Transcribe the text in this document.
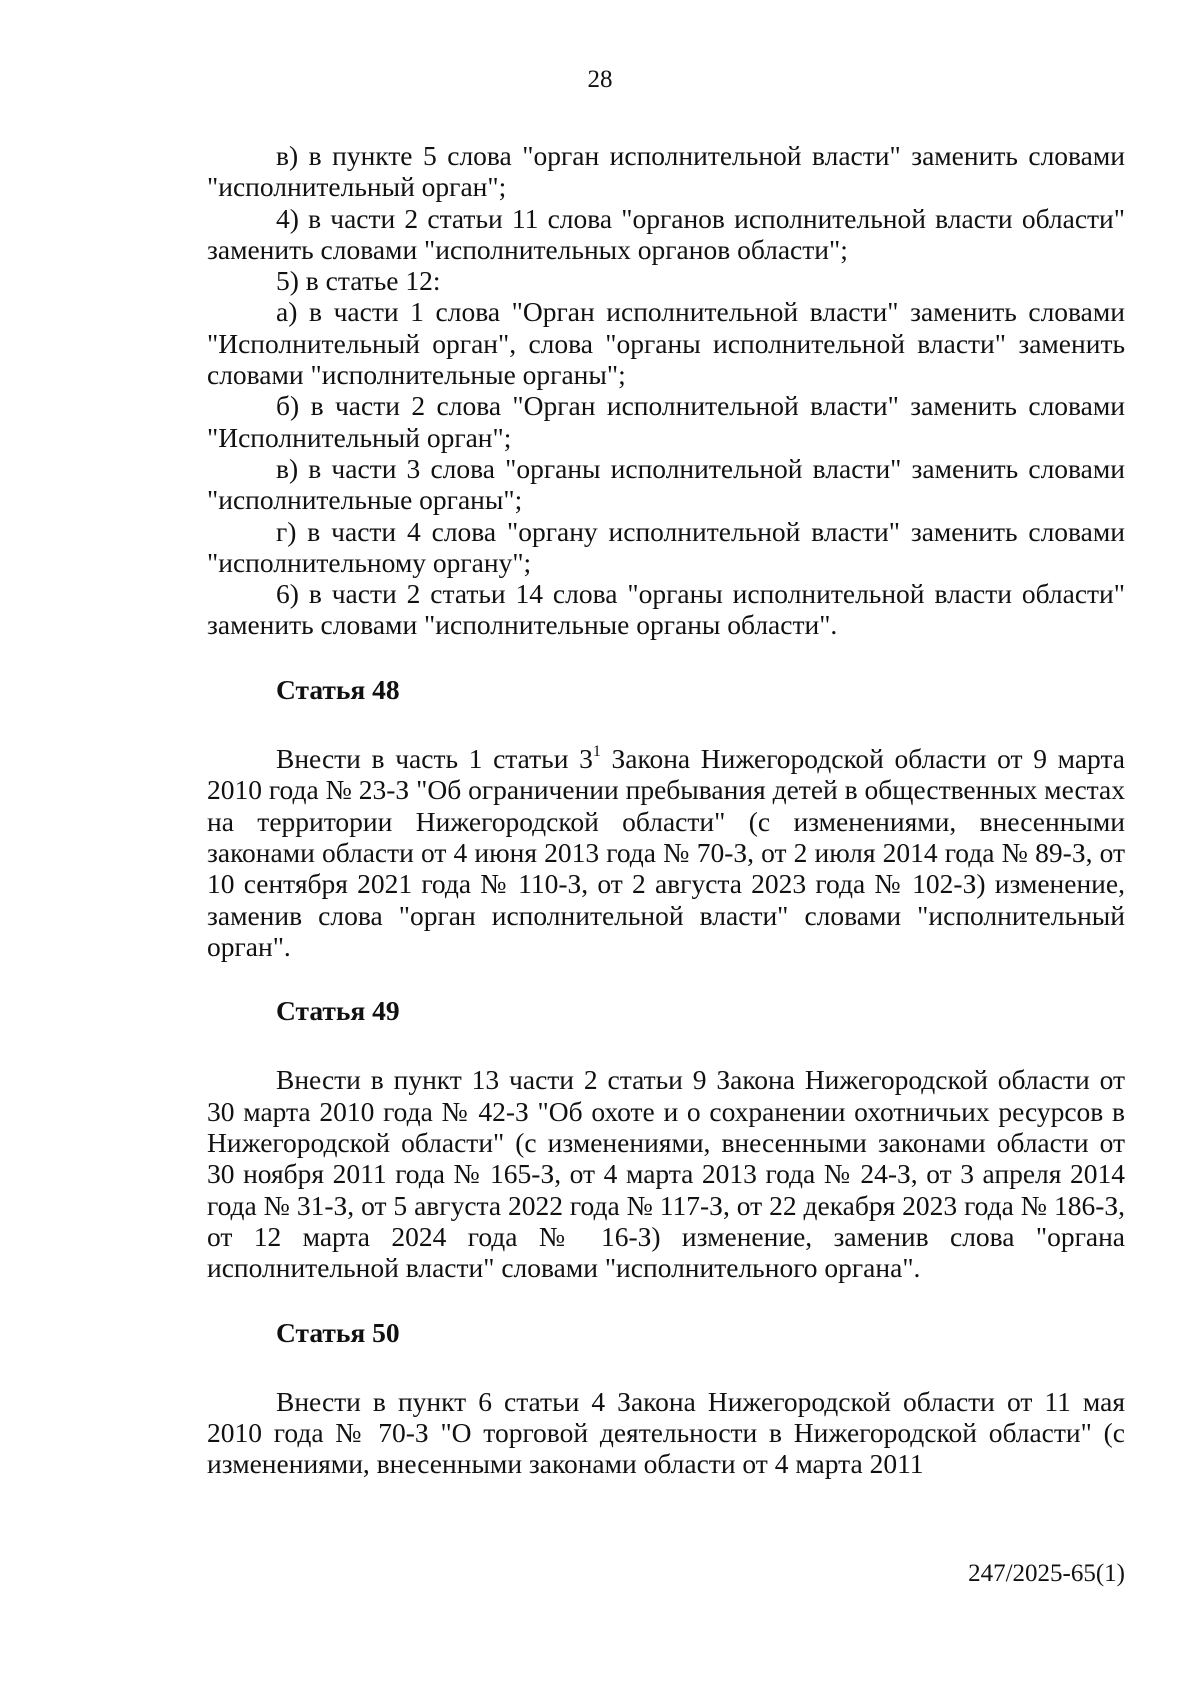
28

в) в пункте 5 слова "орган исполнительной власти" заменить словами "исполнительный орган";

4) в части 2 статьи 11 слова "органов исполнительной власти области" заменить словами "исполнительных органов области";

5) в статье 12:

а) в части 1 слова "Орган исполнительной власти" заменить словами "Исполнительный орган", слова "органы исполнительной власти" заменить словами "исполнительные органы";

б) в части 2 слова "Орган исполнительной власти" заменить словами "Исполнительный орган";

в) в части 3 слова "органы исполнительной власти" заменить словами "исполнительные органы";

г) в части 4 слова "органу исполнительной власти" заменить словами "исполнительному органу";

6) в части 2 статьи 14 слова "органы исполнительной власти области" заменить словами "исполнительные органы области".

Статья 48

Внести в часть 1 статьи $3^1$ Закона Нижегородской области от 9 марта 2010 года № 23-З "Об ограничении пребывания детей в общественных местах на территории Нижегородской области" (с изменениями, внесенными законами области от 4 июня 2013 года № 70-З, от 2 июля 2014 года № 89-З, от 10 сентября 2021 года № 110-З, от 2 августа 2023 года № 102-З) изменение, заменив слова "орган исполнительной власти" словами "исполнительный орган".

Статья 49

Внести в пункт 13 части 2 статьи 9 Закона Нижегородской области от 30 марта 2010 года № 42-З "Об охоте и о сохранении охотничьих ресурсов в Нижегородской области" (с изменениями, внесенными законами области от 30 ноября 2011 года № 165-З, от 4 марта 2013 года № 24-З, от 3 апреля 2014 года № 31-З, от 5 августа 2022 года № 117-З, от 22 декабря 2023 года № 186-З, от 12 марта 2024 года № 16-З) изменение, заменив слова "органа исполнительной власти" словами "исполнительного органа".

Статья 50

Внести в пункт 6 статьи 4 Закона Нижегородской области от 11 мая 2010 года № 70-З "О торговой деятельности в Нижегородской области" (с изменениями, внесенными законами области от 4 марта 2011

247/2025-65(1)
